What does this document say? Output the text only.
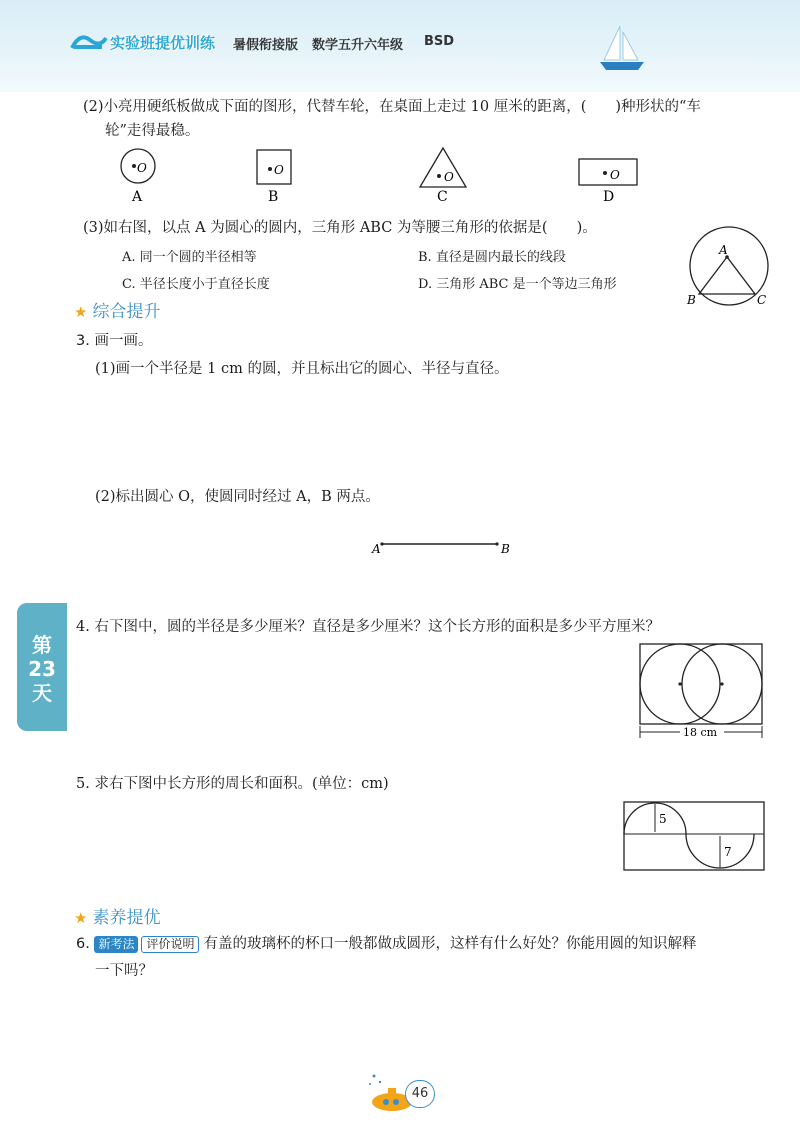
实验班提优训练 暑假衔接版 数学五升六年级 BSD
(2)小亮用硬纸板做成下面的图形，代替车轮，在桌面上走过 10 厘米的距离，(　　)种形状的“车
轮”走得最稳。
O
A
O
B
O
C
O
D
(3)如右图，以点 A 为圆心的圆内，三角形 ABC 为等腰三角形的依据是(　　)。
A. 同一个圆的半径相等	B. 直径是圆内最长的线段
C. 半径长度小于直径长度	D. 三角形 ABC 是一个等边三角形
A
B	C
★ 综合提升
3. 画一画。
(1)画一个半径是 1 cm 的圆，并且标出它的圆心、半径与直径。
(2)标出圆心 O，使圆同时经过 A，B 两点。
A	B
第
23
天
4. 右下图中，圆的半径是多少厘米？直径是多少厘米？这个长方形的面积是多少平方厘米？
18 cm
5. 求右下图中长方形的周长和面积。(单位：cm)
5
7
★ 素养提优
6. 新考法 评价说明 有盖的玻璃杯的杯口一般都做成圆形，这样有什么好处？你能用圆的知识解释
一下吗？
46
